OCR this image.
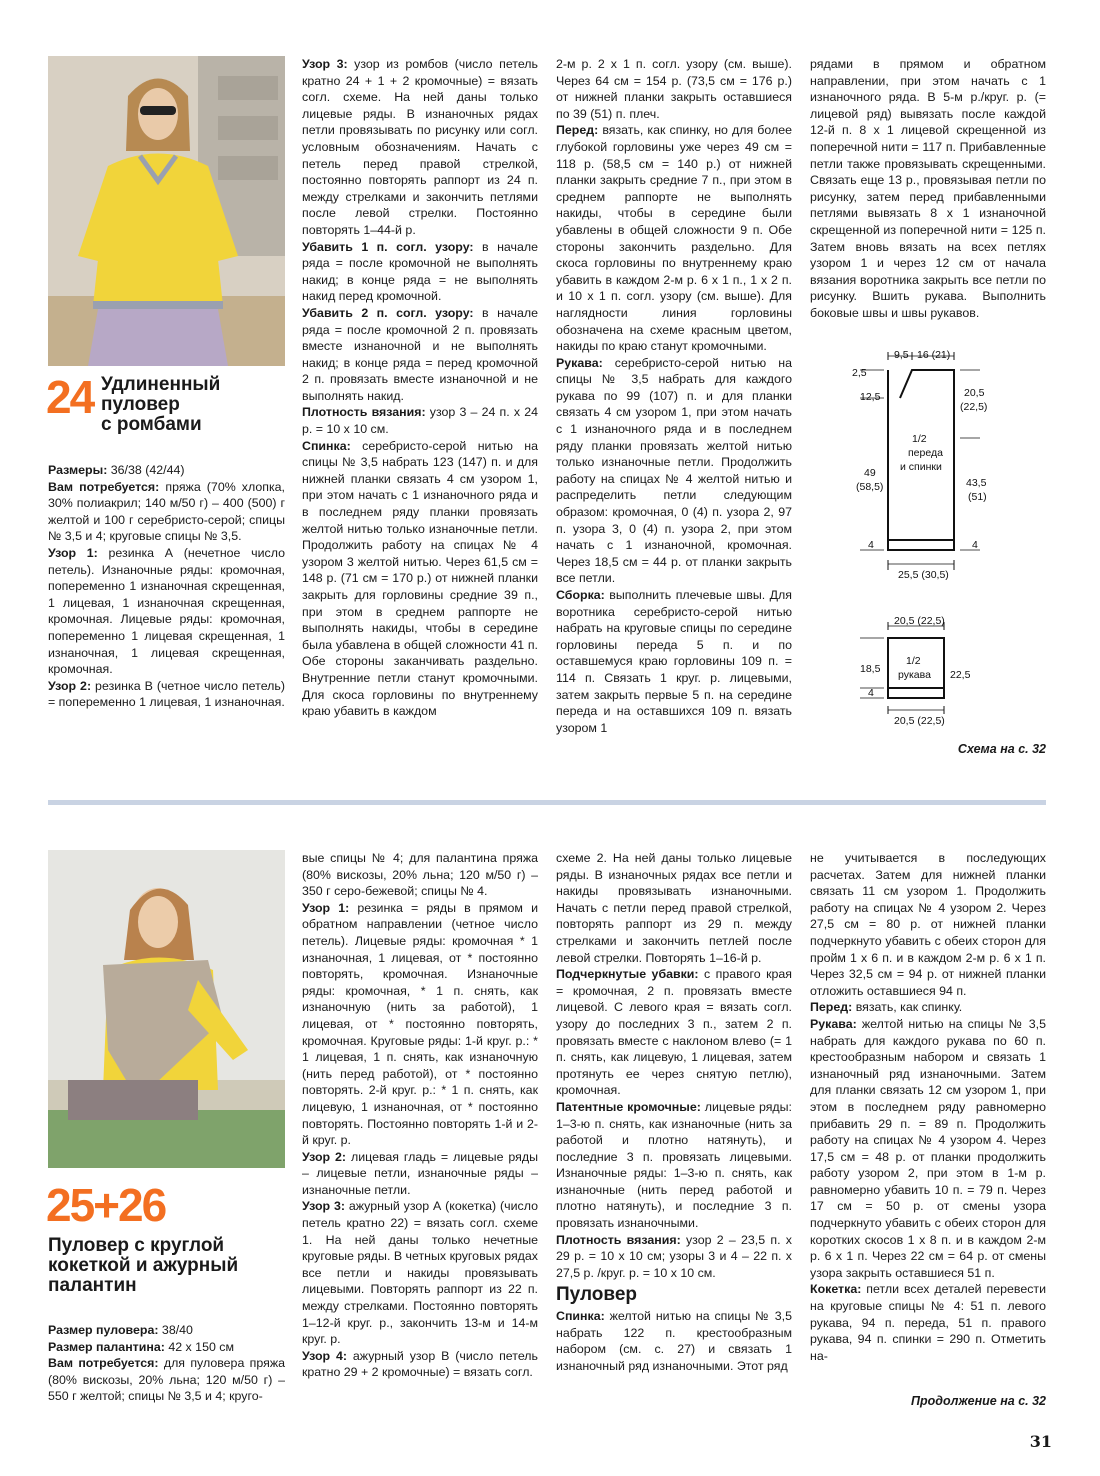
24 Удлиненный
пуловер
с ромбами

Размеры: 36/38 (42/44)

Вам потребуется: пряжа (70% хлопка, 30% полиакрил; 140 м/50 г) – 400 (500) г желтой и 100 г серебристо-серой; спицы № 3,5 и 4; круговые спицы № 3,5.

Узор 1: резинка А (нечетное число петель). Изнаночные ряды: кромочная, попеременно 1 изнаночная скрещенная, 1 лицевая, 1 изнаночная скрещенная, кромочная. Лицевые ряды: кромочная, попеременно 1 лицевая скрещенная, 1 изнаночная, 1 лицевая скрещенная, кромочная.

Узор 2: резинка В (четное число петель) = попеременно 1 лицевая, 1 изнаночная.

Узор 3: узор из ромбов (число петель кратно 24 + 1 + 2 кромочные) = вязать согл. схеме. На ней даны только лицевые ряды. В изнаночных рядах петли провязывать по рисунку или согл. условным обозначениям. Начать с петель перед правой стрелкой, постоянно повторять раппорт из 24 п. между стрелками и закончить петлями после левой стрелки. Постоянно повторять 1–44-й р.

Убавить 1 п. согл. узору: в начале ряда = после кромочной не выполнять накид; в конце ряда = не выполнять накид перед кромочной.

Убавить 2 п. согл. узору: в начале ряда = после кромочной 2 п. провязать вместе изнаночной и не выполнять накид; в конце ряда = перед кромочной 2 п. провязать вместе изнаночной и не выполнять накид.

Плотность вязания: узор 3 – 24 п. х 24 р. = 10 х 10 см.

Спинка: серебристо-серой нитью на спицы № 3,5 набрать 123 (147) п. и для нижней планки связать 4 см узором 1, при этом начать с 1 изнаночного ряда и в последнем ряду планки провязать желтой нитью только изнаночные петли. Продолжить работу на спицах № 4 узором 3 желтой нитью. Через 61,5 см = 148 р. (71 см = 170 р.) от нижней планки закрыть для горловины средние 39 п., при этом в среднем раппорте не выполнять накиды, чтобы в середине была убавлена в общей сложности 41 п. Обе стороны заканчивать раздельно. Внутренние петли станут кромочными. Для скоса горловины по внутреннему краю убавить в каждом

2-м р. 2 х 1 п. согл. узору (см. выше). Через 64 см = 154 р. (73,5 см = 176 р.) от нижней планки закрыть оставшиеся по 39 (51) п. плеч.

Перед: вязать, как спинку, но для более глубокой горловины уже через 49 см = 118 р. (58,5 см = 140 р.) от нижней планки закрыть средние 7 п., при этом в среднем раппорте не выполнять накиды, чтобы в середине были убавлены в общей сложности 9 п. Обе стороны закончить раздельно. Для скоса горловины по внутреннему краю убавить в каждом 2-м р. 6 х 1 п., 1 х 2 п. и 10 х 1 п. согл. узору (см. выше). Для наглядности линия горловины обозначена на схеме красным цветом, накиды по краю станут кромочными.

Рукава: серебристо-серой нитью на спицы № 3,5 набрать для каждого рукава по 99 (107) п. и для планки связать 4 см узором 1, при этом начать с 1 изнаночного ряда и в последнем ряду планки провязать желтой нитью только изнаночные петли. Продолжить работу на спицах № 4 желтой нитью и распределить петли следующим образом: кромочная, 0 (4) п. узора 2, 97 п. узора 3, 0 (4) п. узора 2, при этом начать с 1 изнаночной, кромочная. Через 18,5 см = 44 р. от планки закрыть все петли.

Сборка: выполнить плечевые швы. Для воротника серебристо-серой нитью набрать на круговые спицы по середине горловины переда 5 п. и по оставшемуся краю горловины 109 п. = 114 п. Связать 1 круг. р. лицевыми, затем закрыть первые 5 п. на середине переда и на оставшихся 109 п. вязать узором 1

рядами в прямом и обратном направлении, при этом начать с 1 изнаночного ряда. В 5-м р./круг. р. (= лицевой ряд) вывязать после каждой 12-й п. 8 х 1 лицевой скрещенной из поперечной нити = 117 п. Прибавленные петли также провязывать скрещенными. Связать еще 13 р., провязывая петли по рисунку, затем перед прибавленными петлями вывязать 8 х 1 изнаночной скрещенной из поперечной нити = 125 п. Затем вновь вязать на всех петлях узором 1 и через 12 см от начала вязания воротника закрыть все петли по рисунку. Вшить рукава. Выполнить боковые швы и швы рукавов.

9,5 16 (21)
2,5
12,5
49
(58,5)
20,5
(22,5)
43,5
(51)
4	4
25,5 (30,5)
1/2
переда
и спинки
20,5 (22,5)
18,5	22,5
4
20,5 (22,5)
1/2
рукава
Схема на с. 32
25+26
Пуловер с круглой
кокеткой и ажурный
палантин

Размер пуловера: 38/40

Размер палантина: 42 х 150 см

Вам потребуется: для пуловера пряжа (80% вискозы, 20% льна; 120 м/50 г) – 550 г желтой; спицы № 3,5 и 4; круго-

вые спицы № 4; для палантина пряжа (80% вискозы, 20% льна; 120 м/50 г) – 350 г серо-бежевой; спицы № 4.

Узор 1: резинка = ряды в прямом и обратном направлении (четное число петель). Лицевые ряды: кромочная * 1 изнаночная, 1 лицевая, от * постоянно повторять, кромочная. Изнаночные ряды: кромочная, * 1 п. снять, как изнаночную (нить за работой), 1 лицевая, от * постоянно повторять, кромочная. Круговые ряды: 1-й круг. р.: * 1 лицевая, 1 п. снять, как изнаночную (нить перед работой), от * постоянно повторять. 2-й круг. р.: * 1 п. снять, как лицевую, 1 изнаночная, от * постоянно повторять. Постоянно повторять 1-й и 2-й круг. р.

Узор 2: лицевая гладь = лицевые ряды – лицевые петли, изнаночные ряды – изнаночные петли.

Узор 3: ажурный узор А (кокетка) (число петель кратно 22) = вязать согл. схеме 1. На ней даны только нечетные круговые ряды. В четных круговых рядах все петли и накиды провязывать лицевыми. Повторять раппорт из 22 п. между стрелками. Постоянно повторять 1–12-й круг. р., закончить 13-м и 14-м круг. р.

Узор 4: ажурный узор В (число петель кратно 29 + 2 кромочные) = вязать согл.

схеме 2. На ней даны только лицевые ряды. В изнаночных рядах все петли и накиды провязывать изнаночными. Начать с петли перед правой стрелкой, повторять раппорт из 29 п. между стрелками и закончить петлей после левой стрелки. Повторять 1–16-й р.

Подчеркнутые убавки: с правого края = кромочная, 2 п. провязать вместе лицевой. С левого края = вязать согл. узору до последних 3 п., затем 2 п. провязать вместе с наклоном влево (= 1 п. снять, как лицевую, 1 лицевая, затем протянуть ее через снятую петлю), кромочная.

Патентные кромочные: лицевые ряды: 1–3-ю п. снять, как изнаночные (нить за работой и плотно натянуть), и последние 3 п. провязать лицевыми. Изнаночные ряды: 1–3-ю п. снять, как изнаночные (нить перед работой и плотно натянуть), и последние 3 п. провязать изнаночными.

Плотность вязания: узор 2 – 23,5 п. х 29 р. = 10 х 10 см; узоры 3 и 4 – 22 п. х 27,5 р. /круг. р. = 10 х 10 см.

Пуловер

Спинка: желтой нитью на спицы № 3,5 набрать 122 п. крестообразным набором (см. с. 27) и связать 1 изнаночный ряд изнаночными. Этот ряд

не учитывается в последующих расчетах. Затем для нижней планки связать 11 см узором 1. Продолжить работу на спицах № 4 узором 2. Через 27,5 см = 80 р. от нижней планки подчеркнуто убавить с обеих сторон для пройм 1 х 6 п. и в каждом 2-м р. 6 х 1 п. Через 32,5 см = 94 р. от нижней планки отложить оставшиеся 94 п.

Перед: вязать, как спинку.

Рукава: желтой нитью на спицы № 3,5 набрать для каждого рукава по 60 п. крестообразным набором и связать 1 изнаночный ряд изнаночными. Затем для планки связать 12 см узором 1, при этом в последнем ряду равномерно прибавить 29 п. = 89 п. Продолжить работу на спицах № 4 узором 4. Через 17,5 см = 48 р. от планки продолжить работу узором 2, при этом в 1-м р. равномерно убавить 10 п. = 79 п. Через 17 см = 50 р. от смены узора подчеркнуто убавить с обеих сторон для коротких скосов 1 х 8 п. и в каждом 2-м р. 6 х 1 п. Через 22 см = 64 р. от смены узора закрыть оставшиеся 51 п.

Кокетка: петли всех деталей перевести на круговые спицы № 4: 51 п. левого рукава, 94 п. переда, 51 п. правого рукава, 94 п. спинки = 290 п. Отметить на-

Продолжение на с. 32
31
